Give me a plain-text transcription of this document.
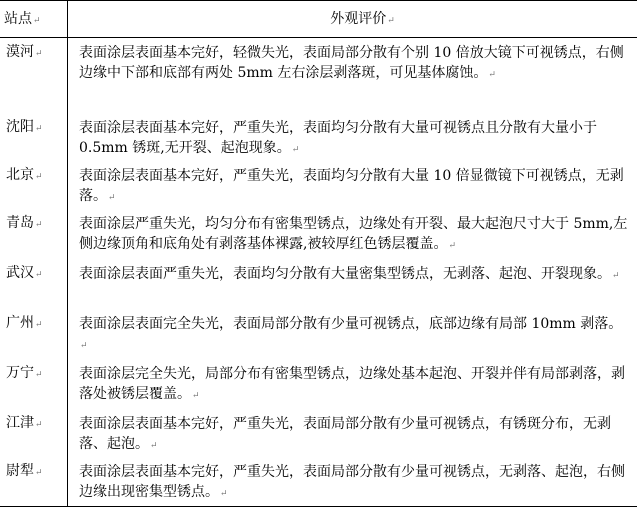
站点↵	外观评价↵
漠河↵	表面涂层表面基本完好，轻微失光，表面局部分散有个别 10 倍放大镜下可视锈点，右侧边缘中下部和底部有两处 5mm 左右涂层剥落斑，可见基体腐蚀。↵
沈阳↵	表面涂层表面基本完好，严重失光，表面均匀分散有大量可视锈点且分散有大量小于 0.5mm 锈斑,无开裂、起泡现象。↵
北京↵	表面涂层表面基本完好，严重失光，表面均匀分散有大量 10 倍显微镜下可视锈点，无剥落。↵
青岛↵	表面涂层严重失光，均匀分布有密集型锈点，边缘处有开裂、最大起泡尺寸大于 5mm,左侧边缘顶角和底角处有剥落基体裸露,被较厚红色锈层覆盖。↵
武汉↵	表面涂层表面严重失光，表面均匀分散有大量密集型锈点，无剥落、起泡、开裂现象。↵
广州↵	表面涂层表面完全失光，表面局部分散有少量可视锈点，底部边缘有局部 10mm 剥落。↵
万宁↵	表面涂层完全失光，局部分布有密集型锈点，边缘处基本起泡、开裂并伴有局部剥落，剥落处被锈层覆盖。↵
江津↵	表面涂层表面基本完好，严重失光，表面局部分散有少量可视锈点，有锈斑分布，无剥落、起泡。↵
尉犁↵	表面涂层表面基本完好，严重失光，表面局部分散有少量可视锈点，无剥落、起泡，右侧边缘出现密集型锈点。↵
